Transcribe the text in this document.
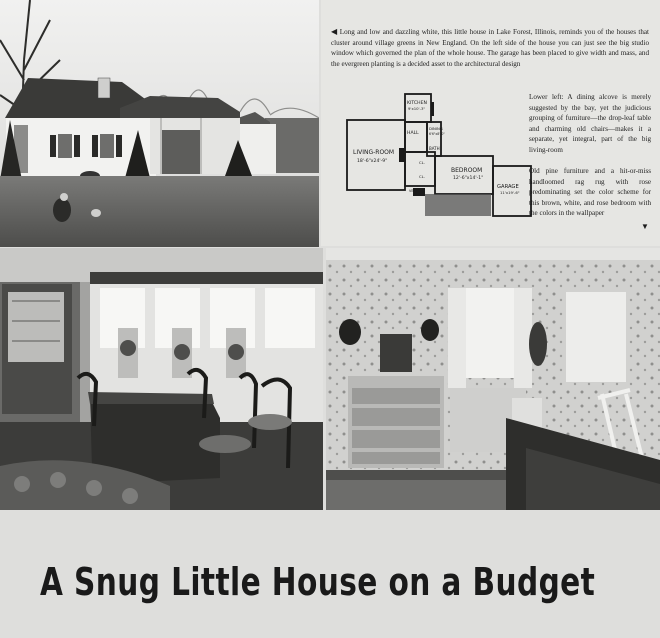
◀ Long and low and dazzling white, this little house in Lake Forest, Illinois, reminds you of the houses that cluster around village greens in New England. On the left side of the house you can just see the big studio window which governed the plan of the whole house. The garage has been placed to give width and mass, and the evergreen planting is a decided asset to the architectural design
LIVING-ROOM
18'-6"x24'-9"
BEDROOM
12'-6"x14'-1"
KITCHEN
9'x10'-3"
DINING
6'6"x8'-0"
HALL
BATH
GARAGE
11'x19'-6"
CL.
CL.
VEST.
Lower left: A dining alcove is merely suggested by the bay, yet the judicious grouping of furniture—the drop-leaf table and charming old chairs—makes it a separate, yet integral, part of the big living-room
Old pine furniture and a hit-or-miss handloomed rag rug with rose predominating set the color scheme for this brown, white, and rose bedroom with the colors in the wallpaper
▼
A Snug Little House on a Budget
